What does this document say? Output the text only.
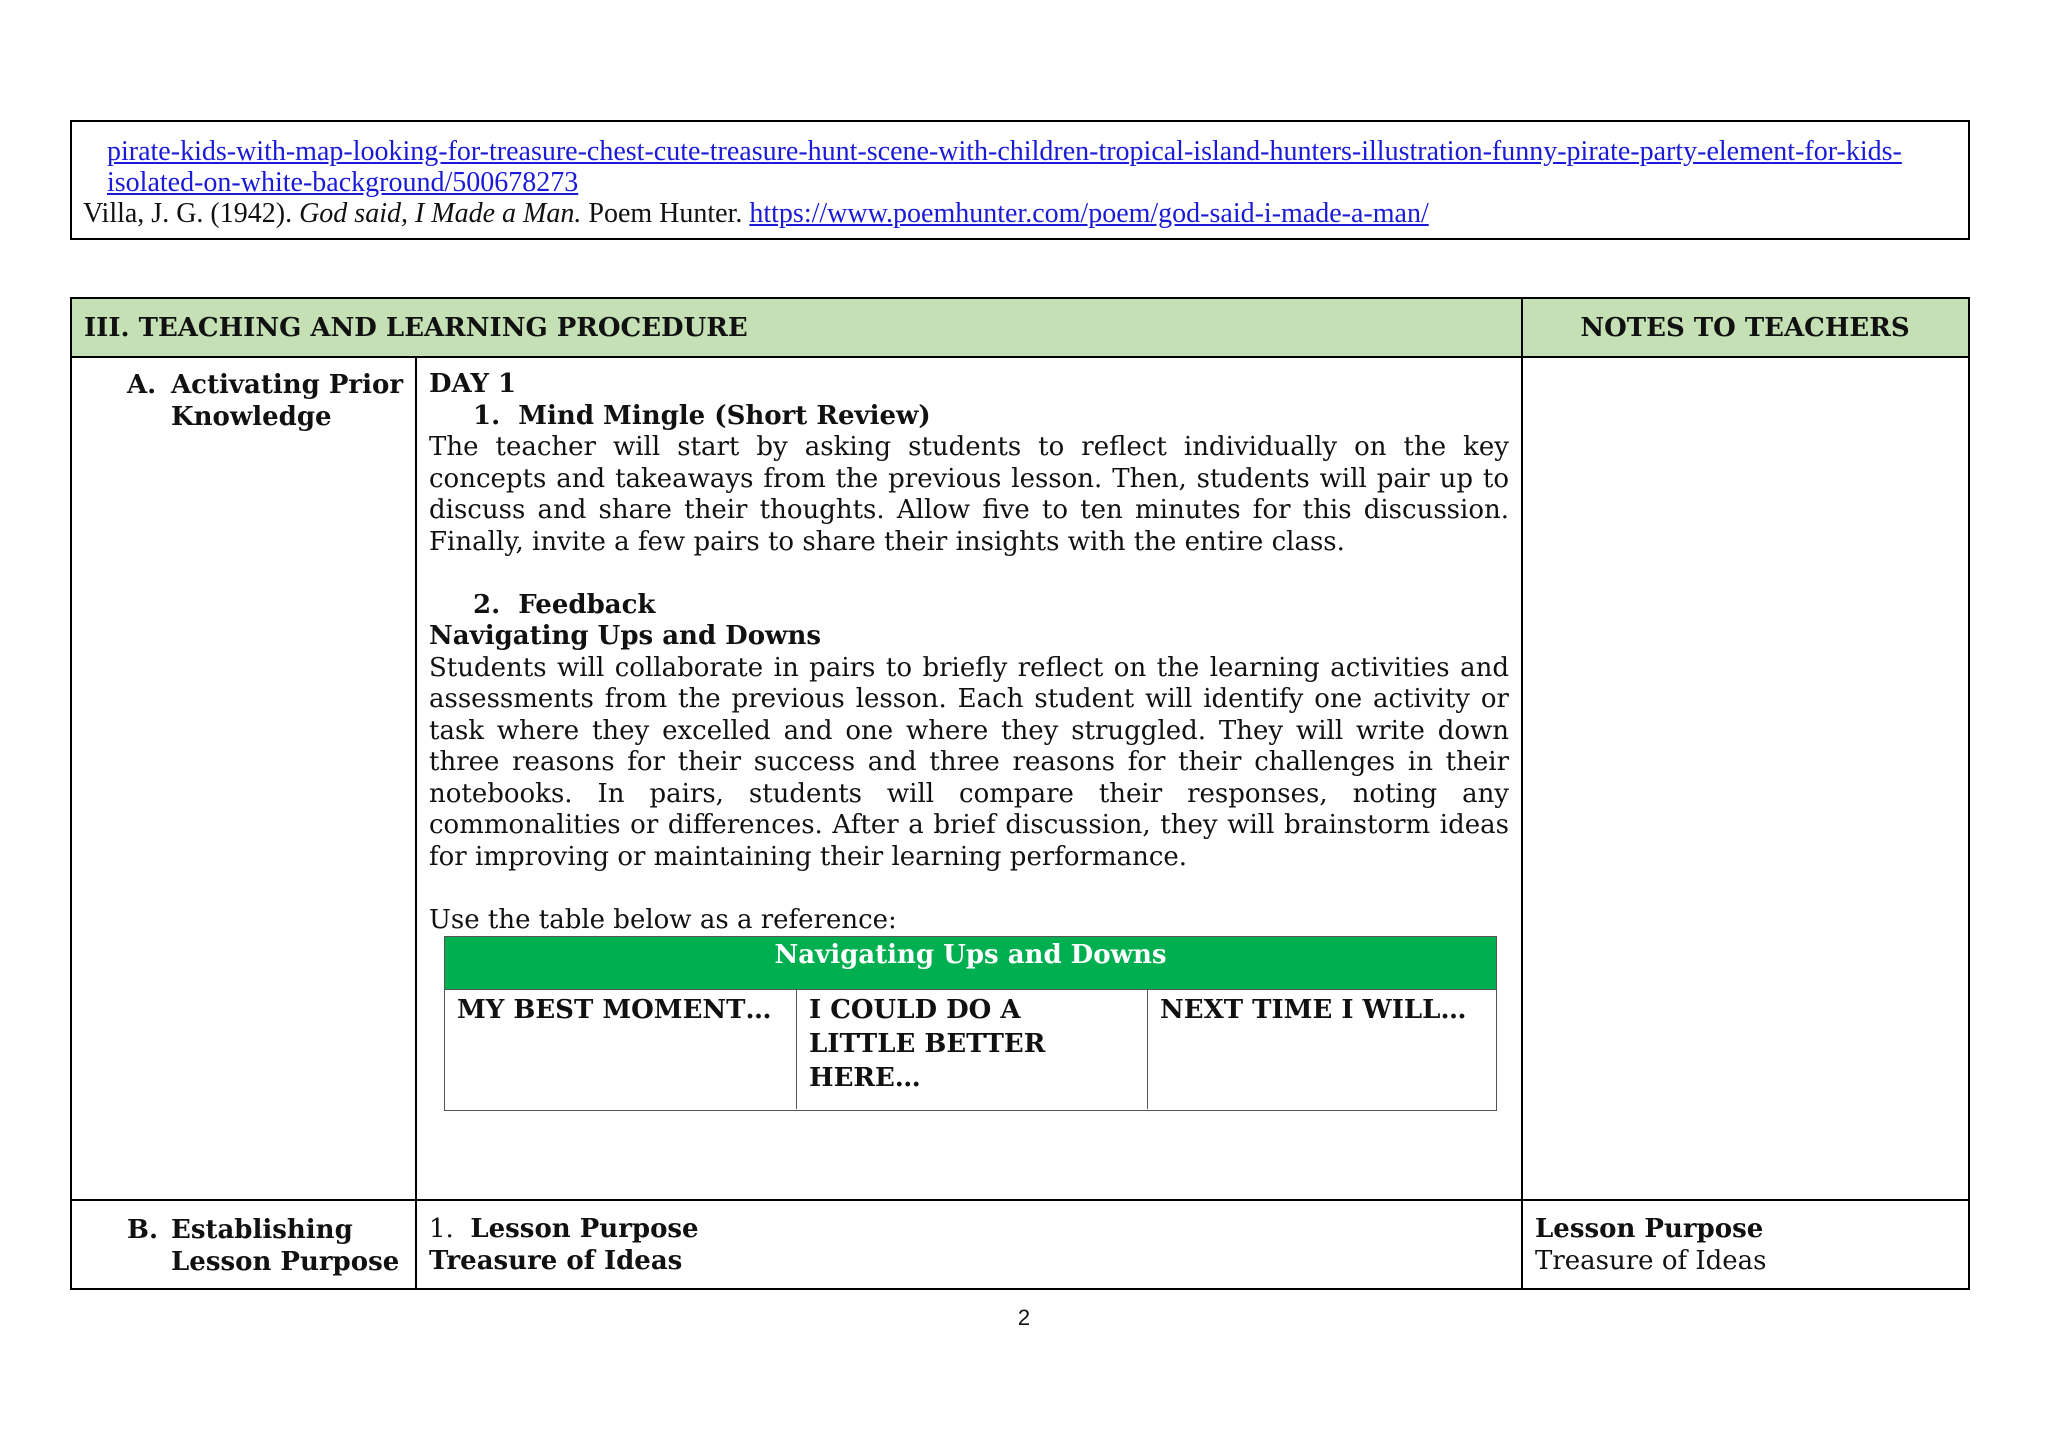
pirate-kids-with-map-looking-for-treasure-chest-cute-treasure-hunt-scene-with-children-tropical-island-hunters-illustration-funny-pirate-party-element-for-kids-isolated-on-white-background/500678273
Villa, J. G. (1942). God said, I Made a Man. Poem Hunter. https://www.poemhunter.com/poem/god-said-i-made-a-man/
III. TEACHING AND LEARNING PROCEDURE	NOTES TO TEACHERS
A. Activating Prior Knowledge
DAY 1
1. Mind Mingle (Short Review)
The teacher will start by asking students to reflect individually on the key concepts and takeaways from the previous lesson. Then, students will pair up to discuss and share their thoughts. Allow five to ten minutes for this discussion. Finally, invite a few pairs to share their insights with the entire class.
2. Feedback
Navigating Ups and Downs
Students will collaborate in pairs to briefly reflect on the learning activities and assessments from the previous lesson. Each student will identify one activity or task where they excelled and one where they struggled. They will write down three reasons for their success and three reasons for their challenges in their notebooks. In pairs, students will compare their responses, noting any commonalities or differences. After a brief discussion, they will brainstorm ideas for improving or maintaining their learning performance.
Use the table below as a reference:
Navigating Ups and Downs
MY BEST MOMENT…	I COULD DO A LITTLE BETTER HERE…
NEXT TIME I WILL…
B. Establishing Lesson Purpose
1. Lesson Purpose
Treasure of Ideas
Lesson Purpose
Treasure of Ideas
2
